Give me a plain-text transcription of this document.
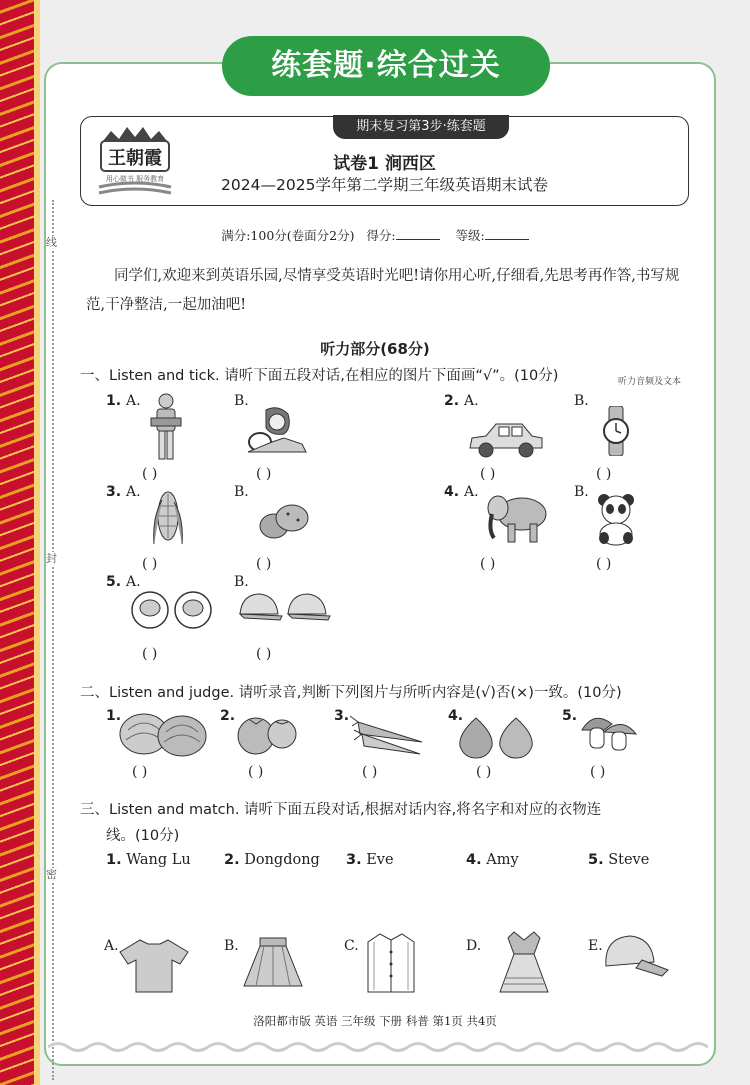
练套题·综合过关
线
封
密
期末复习第3步·练套题
王朝霞
用心做书 服务教育
试卷1 涧西区
2024—2025学年第二学期三年级英语期末试卷
满分:100分(卷面分2分) 得分:	等级:
同学们,欢迎来到英语乐园,尽情享受英语时光吧!请你用心听,仔细看,先思考再作答,书写规范,干净整洁,一起加油吧!
听力部分(68分)
一、Listen and tick. 请听下面五段对话,在相应的图片下面画“√”。(10分)	听力音频及文本
1. A.	B.
( )	( )
2. A.	B.
( )	( )
3. A.	B.
( )	( )
4. A.	B.
( )	( )
5. A.	B.
( )	( )
二、Listen and judge. 请听录音,判断下列图片与所听内容是(√)否(×)一致。(10分)
1.
( )
2.
( )
3.
( )
4.
( )
5.
( )
三、Listen and match. 请听下面五段对话,根据对话内容,将名字和对应的衣物连
线。(10分)
1. Wang Lu 2. Dongdong 3. Eve	4. Amy	5. Steve
A.	B.	C.	D.	E.
洛阳都市版 英语 三年级 下册 科普 第1页 共4页
